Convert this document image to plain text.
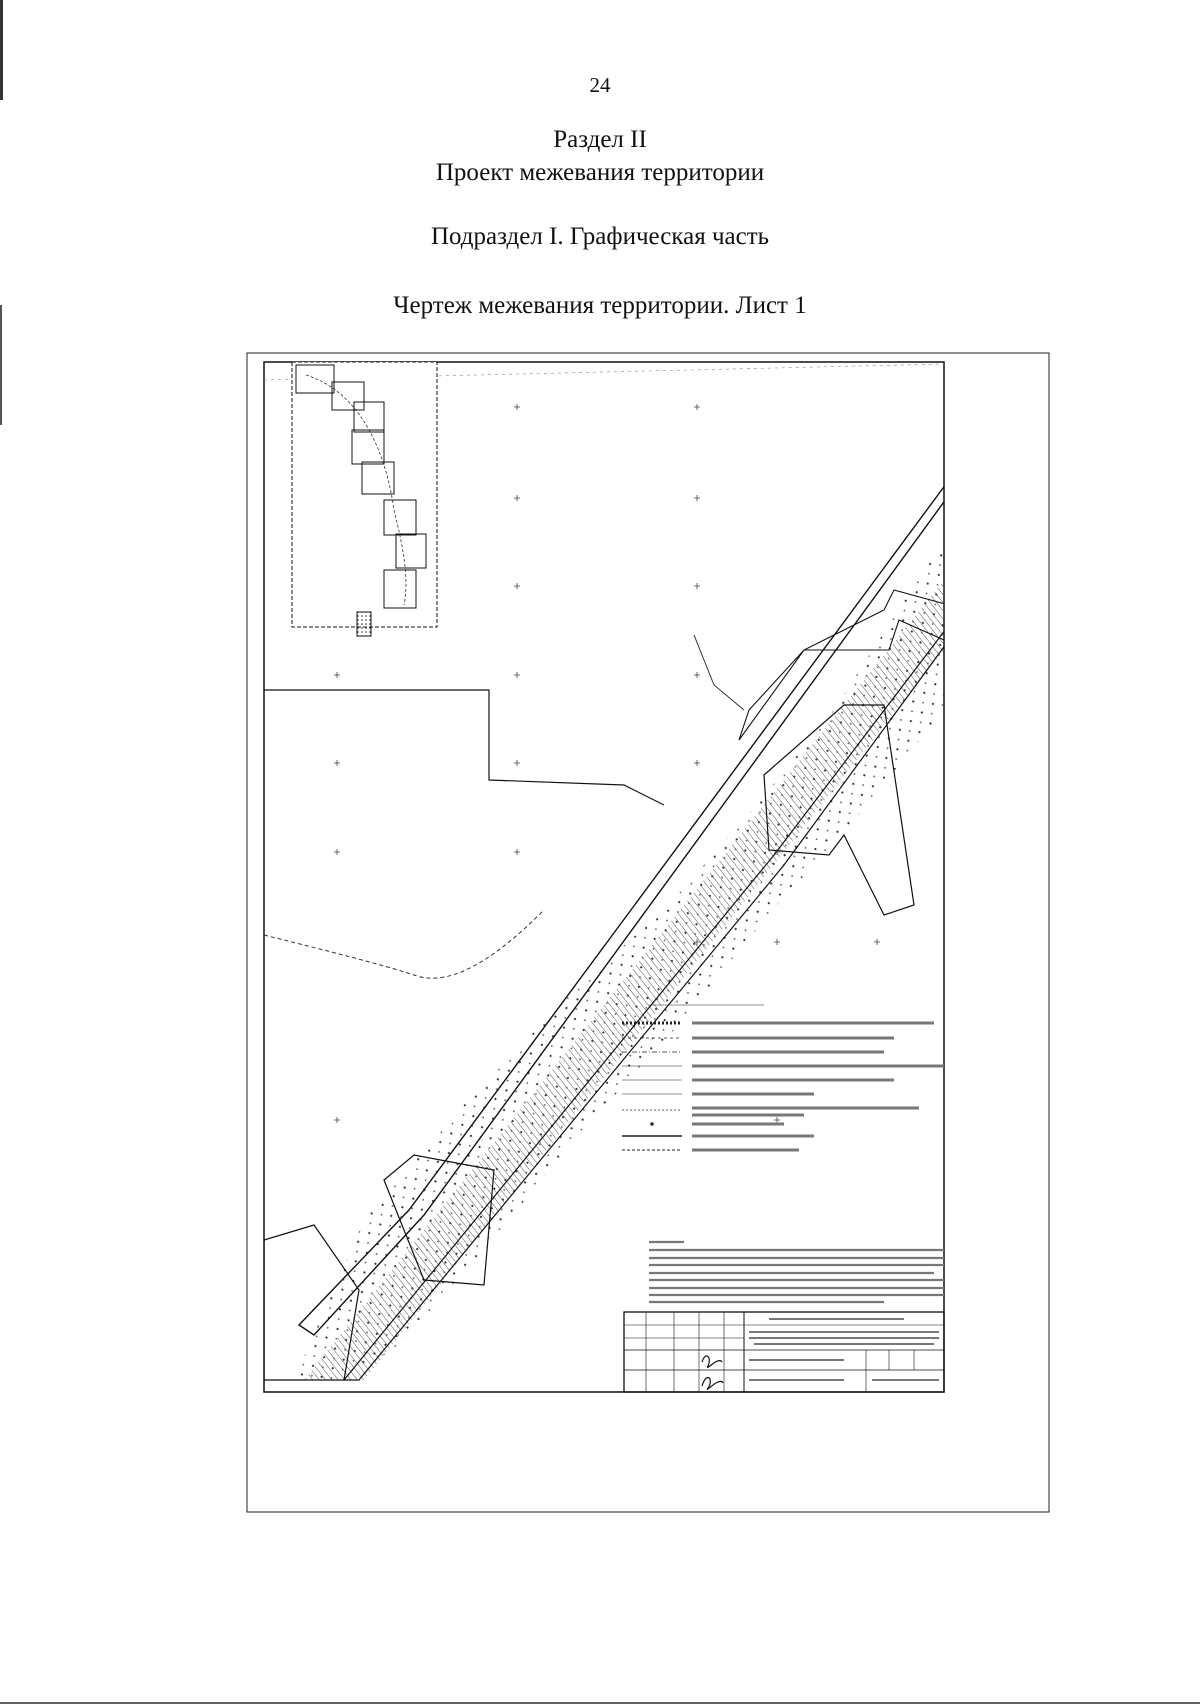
24
Раздел II
Проект межевания территории
Подраздел I. Графическая часть
Чертеж межевания территории. Лист 1
